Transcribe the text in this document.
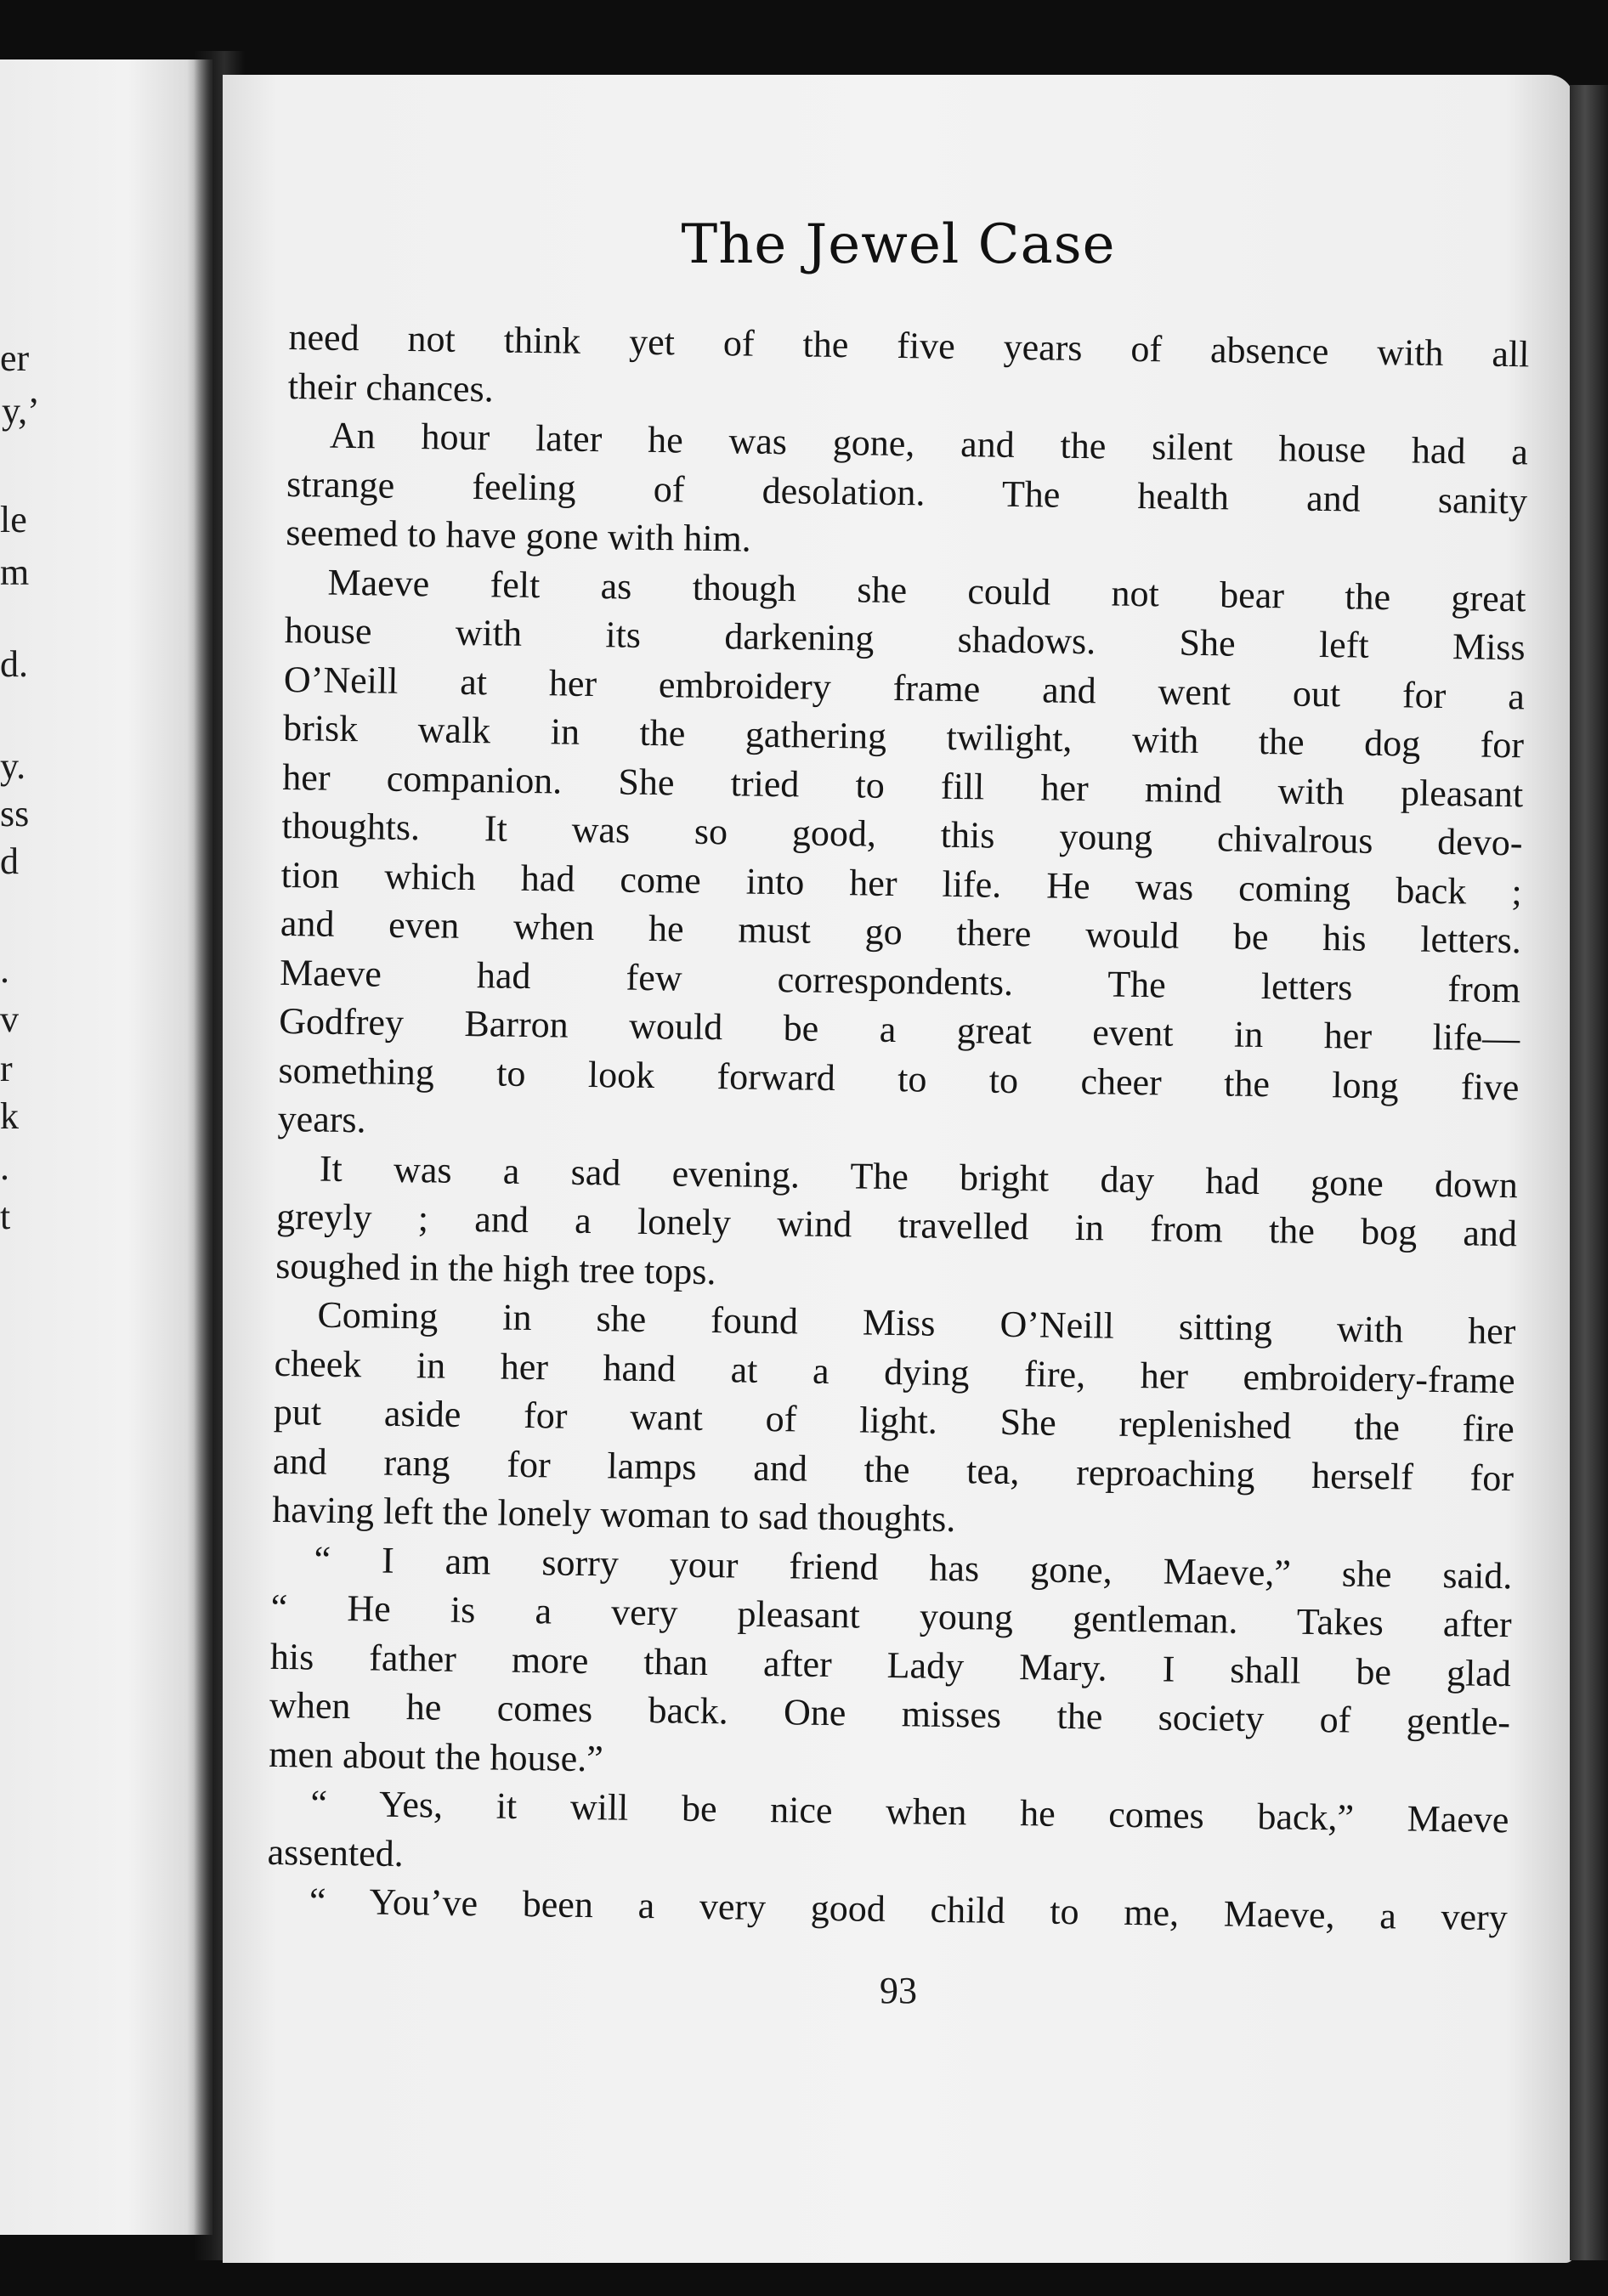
er
y,’
le
m
d.
y.
ss
d
.
v
r
k
.
t
The Jewel Case
need not think yet of the five years of absence with all
their chances.
An hour later he was gone, and the silent house had a
strange feeling of desolation. The health and sanity
seemed to have gone with him.
Maeve felt as though she could not bear the great
house with its darkening shadows. She left Miss
O’Neill at her embroidery frame and went out for a
brisk walk in the gathering twilight, with the dog for
her companion. She tried to fill her mind with pleasant
thoughts. It was so good, this young chivalrous devo-
tion which had come into her life. He was coming back ;
and even when he must go there would be his letters.
Maeve had few correspondents. The letters from
Godfrey Barron would be a great event in her life—
something to look forward to to cheer the long five
years.
It was a sad evening. The bright day had gone down
greyly ; and a lonely wind travelled in from the bog and
soughed in the high tree tops.
Coming in she found Miss O’Neill sitting with her
cheek in her hand at a dying fire, her embroidery-frame
put aside for want of light. She replenished the fire
and rang for lamps and the tea, reproaching herself for
having left the lonely woman to sad thoughts.
“ I am sorry your friend has gone, Maeve,” she said.
“ He is a very pleasant young gentleman. Takes after
his father more than after Lady Mary. I shall be glad
when he comes back. One misses the society of gentle-
men about the house.”
“ Yes, it will be nice when he comes back,” Maeve
assented.
“ You’ve been a very good child to me, Maeve, a very
93
